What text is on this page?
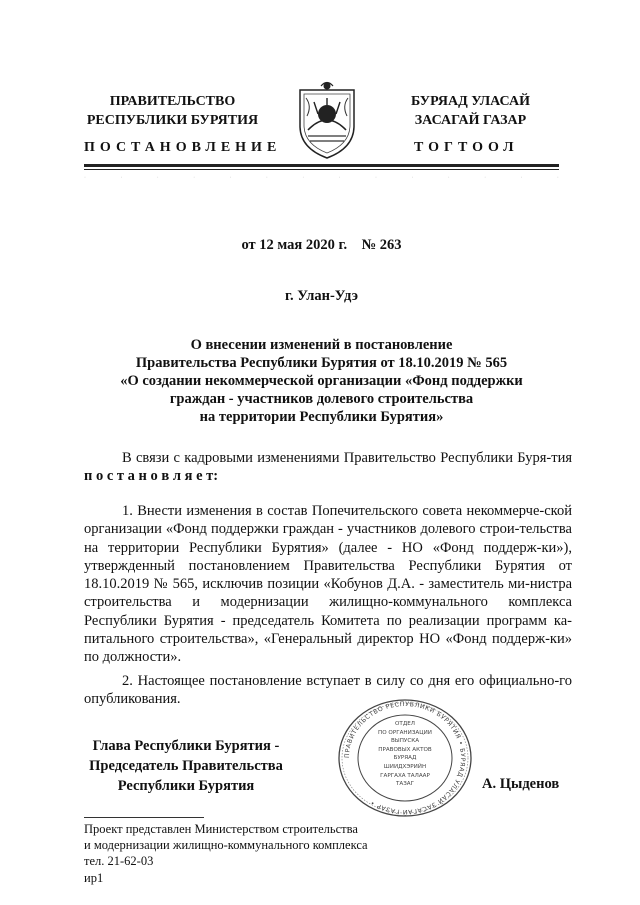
ПРАВИТЕЛЬСТВО
РЕСПУБЛИКИ БУРЯТИЯ
БУРЯАД УЛАСАЙ
ЗАСАГАЙ ГАЗАР
ПОСТАНОВЛЕНИЕ	ТОГТООЛ
·	·	·	·	·	·	·	·	·	·	·	·	·	·
от 12 мая 2020 г.    № 263
г. Улан-Удэ
О внесении изменений в постановление
Правительства Республики Бурятия от 18.10.2019 № 565
«О создании некоммерческой организации «Фонд поддержки
граждан - участников долевого строительства
на территории Республики Бурятия»
В связи с кадровыми изменениями Правительство Республики Буря-тия п о с т а н о в л я е т:
1. Внести изменения в состав Попечительского совета некоммерче-ской организации «Фонд поддержки граждан - участников долевого строи-тельства на территории Республики Бурятия» (далее - НО «Фонд поддерж-ки»), утвержденный постановлением Правительства Республики Бурятия от 18.10.2019 № 565, исключив позиции «Кобунов Д.А. - заместитель ми-нистра строительства и модернизации жилищно-коммунального комплекса Республики Бурятия - председатель Комитета по реализации программ ка-питального строительства», «Генеральный директор НО «Фонд поддерж-ки» по должности».
2. Настоящее постановление вступает в силу со дня его официально-го опубликования.
Глава Республики Бурятия -
Председатель Правительства
Республики Бурятия
ПРАВИТЕЛЬСТВО РЕСПУБЛИКИ БУРЯТИЯ • БУРЯАД УЛАСАЙ ЗАСАГАЙ ГАЗАР •
ОТДЕЛ
ПО ОРГАНИЗАЦИИ
ВЫПУСКА
ПРАВОВЫХ АКТОВ
БУРЯАД
ШИИДХЭРИЙН
ГАРГАХА ТАЛААР
ТАЗАГ	А. Цыденов
Проект представлен Министерством строительства
и модернизации жилищно-коммунального комплекса
тел. 21-62-03
ир1
